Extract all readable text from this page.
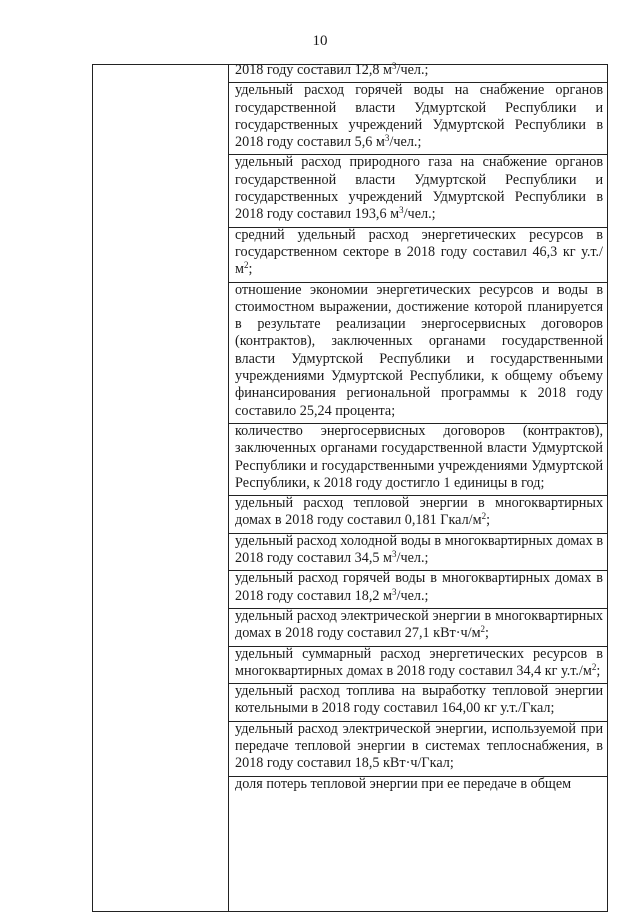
10

2018 году составил 12,8 $м^3$/чел.;

удельный расход горячей воды на снабжение органов государственной власти Удмуртской Республики и государственных учреждений Удмуртской Республики в 2018 году составил 5,6 $м^3$/чел.;

удельный расход природного газа на снабжение органов государственной власти Удмуртской Республики и государственных учреждений Удмуртской Республики в 2018 году составил 193,6 $м^3$/чел.;

средний удельный расход энергетических ресурсов в государственном секторе в 2018 году составил 46,3 кг $у.т./м^2$;

отношение экономии энергетических ресурсов и воды в стоимостном выражении, достижение которой планируется в результате реализации энергосервисных договоров (контрактов), заключенных органами государственной власти Удмуртской Республики и государственными учреждениями Удмуртской Республики, к общему объему финансирования региональной программы к 2018 году составило 25,24 процента;

количество энергосервисных договоров (контрактов), заключенных органами государственной власти Удмуртской Республики и государственными учреждениями Удмуртской Республики, к 2018 году достигло 1 единицы в год;

удельный расход тепловой энергии в многоквартирных домах в 2018 году составил 0,181 Гкал/$м^2$;

удельный расход холодной воды в многоквартирных домах в 2018 году составил 34,5 $м^3$/чел.;

удельный расход горячей воды в многоквартирных домах в 2018 году составил 18,2 $м^3$/чел.;

удельный расход электрической энергии в многоквартирных домах в 2018 году составил 27,1 $кВт\cdot ч/м^2$;

удельный суммарный расход энергетических ресурсов в многоквартирных домах в 2018 году составил 34,4 кг $у.т./м^2$;

удельный расход топлива на выработку тепловой энергии котельными в 2018 году составил 164,00 кг у.т./Гкал;

удельный расход электрической энергии, используемой при передаче тепловой энергии в системах теплоснабжения, в 2018 году составил 18,5 кВт·ч/Гкал;

доля потерь тепловой энергии при ее передаче в общем
